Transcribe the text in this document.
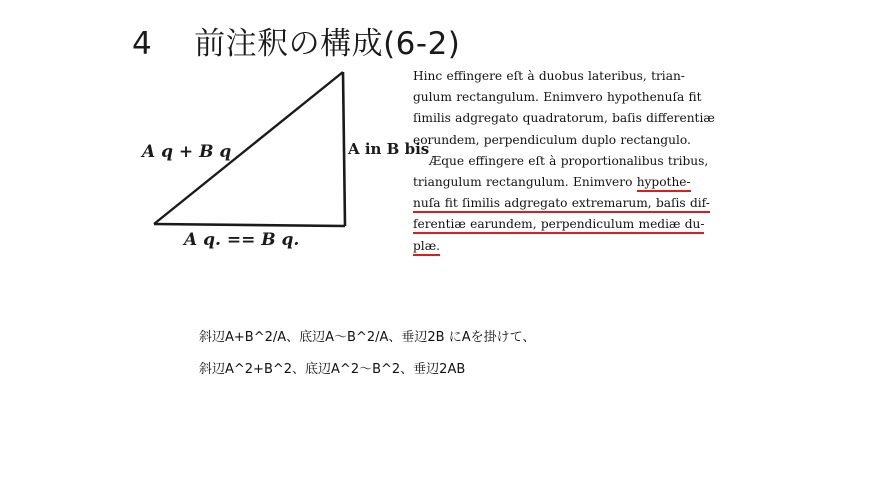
4　 前注釈の構成(6-2)
A q + B q	A in B bis
A q. == B q.
Hinc effingere eſt à duobus lateribus, trian-
gulum rectangulum. Enimvero hypothenuſa fit
ſimilis adgregato quadratorum, baſis differentiæ
eorundem, perpendiculum duplo rectangulo.
Æque effingere eſt à proportionalibus tribus,
triangulum rectangulum. Enimvero hypothe-
nuſa fit ſimilis adgregato extremarum, baſis dif-
ferentiæ earundem, perpendiculum mediæ du-
plæ.
斜辺A+B^2/A、底辺A～B^2/A、垂辺2B にAを掛けて、
斜辺A^2+B^2、底辺A^2～B^2、垂辺2AB
